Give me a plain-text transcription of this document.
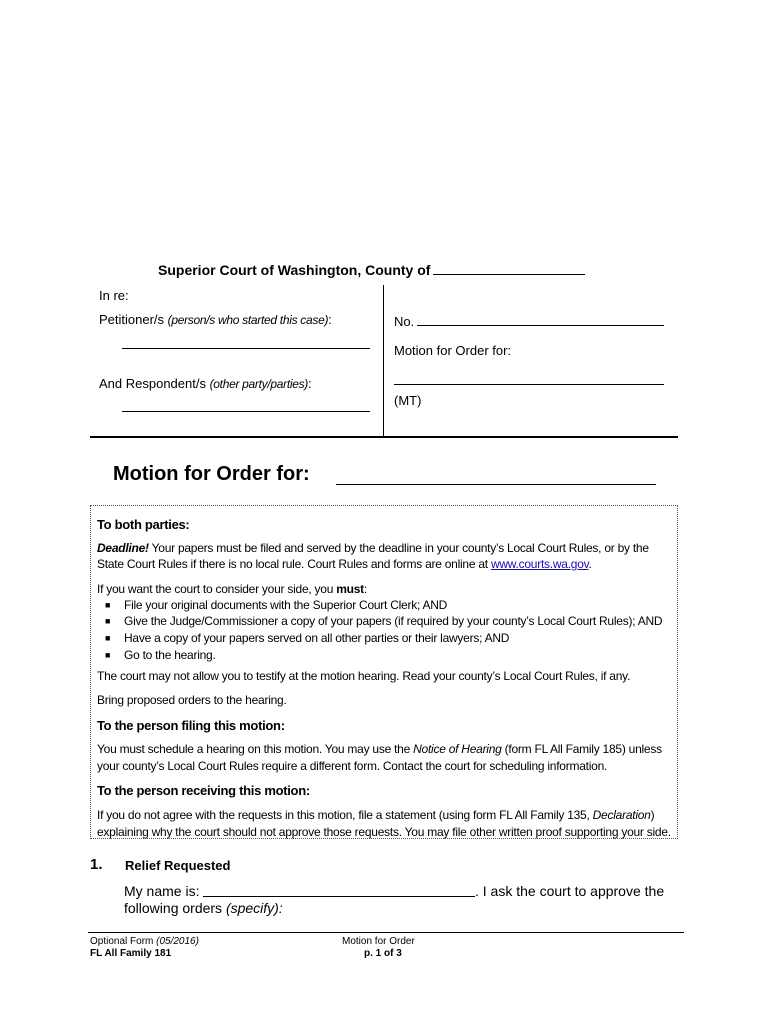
Superior Court of Washington, County of
In re:
Petitioner/s (person/s who started this case):
And Respondent/s (other party/parties):
No.
Motion for Order for:
(MT)
Motion for Order for:
To both parties:
Deadline! Your papers must be filed and served by the deadline in your county’s Local Court Rules, or by the
State Court Rules if there is no local rule. Court Rules and forms are online at www.courts.wa.gov.
If you want the court to consider your side, you must:
■ File your original documents with the Superior Court Clerk; AND
■ Give the Judge/Commissioner a copy of your papers (if required by your county’s Local Court Rules); AND
■ Have a copy of your papers served on all other parties or their lawyers; AND
■ Go to the hearing.
The court may not allow you to testify at the motion hearing. Read your county’s Local Court Rules, if any.
Bring proposed orders to the hearing.
To the person filing this motion:
You must schedule a hearing on this motion. You may use the Notice of Hearing (form FL All Family 185) unless
your county’s Local Court Rules require a different form. Contact the court for scheduling information.
To the person receiving this motion:
If you do not agree with the requests in this motion, file a statement (using form FL All Family 135, Declaration)
explaining why the court should not approve those requests. You may file other written proof supporting your side.
1. Relief Requested
My name is:	. I ask the court to approve the
following orders (specify):
Optional Form (05/2016)
FL All Family 181
Motion for Order
p. 1 of 3
